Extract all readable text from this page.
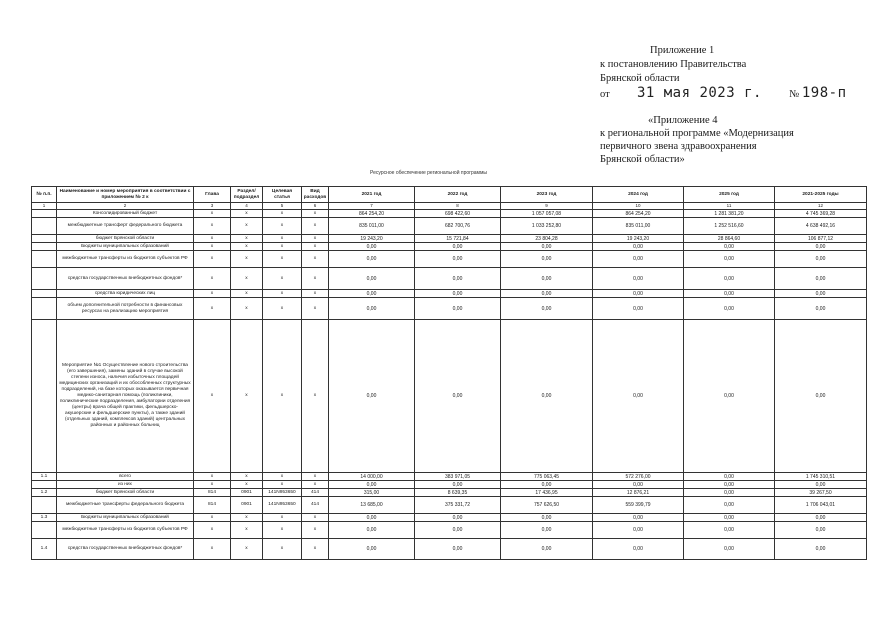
Приложение 1
к постановлению Правительства
Брянской области
от 31 мая 2023 г.	№ 198-п
«Приложение 4
к региональной программе «Модернизация
первичного звена здравоохранения
Брянской области»
Ресурсное обеспечение региональной программы
№ п.п.	Наименование и номер мероприятия в соответствии с приложением № 2 к	Глава	Раздел/ подраздел	Целевая статья	Вид расходов	2021 год	2022 год	2023 год	2024 год	2025 год	2021-2025 годы
1	2	3	4	5	6	7	8	9	10	11	12
	Консолидированный бюджет	x	x	x	x	864 254,20	698 422,60	1 057 057,08	864 254,20	1 281 381,20	4 745 369,28
	межбюджетные трансферт федерального бюджета	x	x	x	x	835 011,00	682 700,76	1 033 252,80	835 011,00	1 252 516,60	4 638 492,16
	бюджет Брянской области	x	x	x	x	19 243,20	15 721,84	23 804,28	19 243,20	28 864,60	106 877,12
	Бюджеты муниципальных образований	x	x	x	x	0,00	0,00	0,00	0,00	0,00	0,00
	межбюджетные трансферты из бюджетов субъектов РФ	x	x	x	x	0,00	0,00	0,00	0,00	0,00	0,00
	средства государственных внебюджетных фондов*	x	x	x	x	0,00	0,00	0,00	0,00	0,00	0,00
	средства юридических лиц	x	x	x	x	0,00	0,00	0,00	0,00	0,00	0,00
	объем дополнительной потребности в финансовых ресурсах на реализацию мероприятия	x	x	x	x	0,00	0,00	0,00	0,00	0,00	0,00
	Мероприятие №1 Осуществление нового строительства (его завершения), замены зданий в случае высокой степени износа, наличия избыточных площадей медицинских организаций и их обособленных структурных подразделений, на базе которых оказывается первичная медико-санитарная помощь (поликлиники, поликлинические подразделения, амбулатории отделения (центры) врача общей практики, фельдшерско-акушерские и фельдшерские пункты), а также зданий (отдельных зданий, комплексов зданий) центральных районных и районных больниц	x	x	x	x	0,00	0,00	0,00	0,00	0,00	0,00
1.1	всего	x	x	x	x	14 000,00	383 971,05	775 063,45	572 276,00	0,00	1 745 310,51
	из них	x	x	x	x	0,00	0,00	0,00	0,00	0,00	0,00
1.2	бюджет Брянской области	814	0901	141N953650	414	315,00	8 639,35	17 436,95	12 876,21	0,00	39 267,50
	межбюджетные трансферты федерального бюджета	814	0901	141N953650	414	13 685,00	375 331,72	757 626,50	559 399,79	0,00	1 706 043,01
1.3	Бюджеты муниципальных образований	x	x	x	x	0,00	0,00	0,00	0,00	0,00	0,00
	межбюджетные трансферты из бюджетов субъектов РФ	x	x	x	x	0,00	0,00	0,00	0,00	0,00	0,00
1.4	средства государственных внебюджетных фондов*	x	x	x	x	0,00	0,00	0,00	0,00	0,00	0,00
